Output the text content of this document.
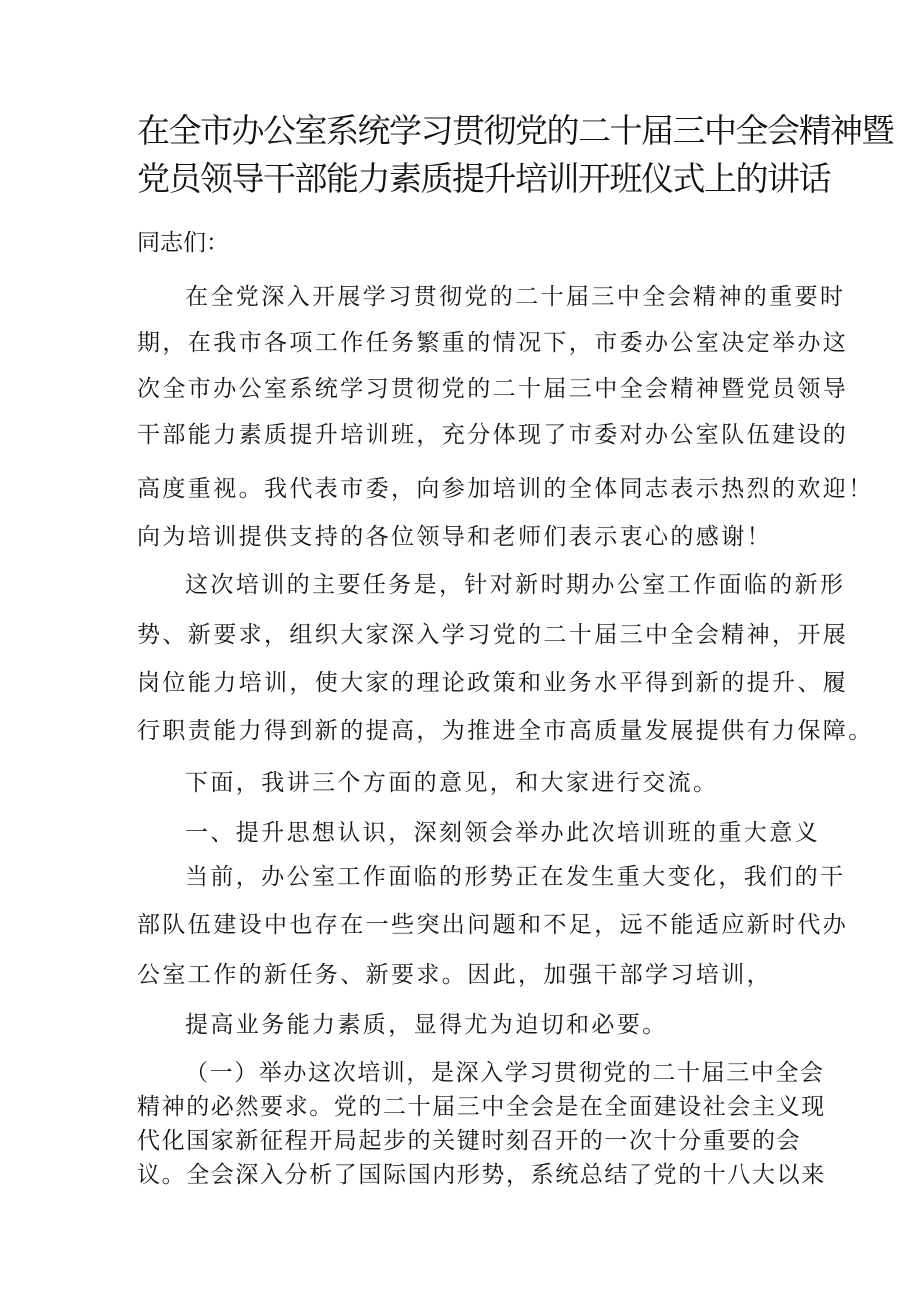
在全市办公室系统学习贯彻党的二十届三中全会精神暨
党员领导干部能力素质提升培训开班仪式上的讲话
同志们：
在全党深入开展学习贯彻党的二十届三中全会精神的重要时
期，在我市各项工作任务繁重的情况下，市委办公室决定举办这
次全市办公室系统学习贯彻党的二十届三中全会精神暨党员领导
干部能力素质提升培训班，充分体现了市委对办公室队伍建设的
高度重视。我代表市委，向参加培训的全体同志表示热烈的欢迎！
向为培训提供支持的各位领导和老师们表示衷心的感谢！
这次培训的主要任务是，针对新时期办公室工作面临的新形
势、新要求，组织大家深入学习党的二十届三中全会精神，开展
岗位能力培训，使大家的理论政策和业务水平得到新的提升、履
行职责能力得到新的提高，为推进全市高质量发展提供有力保障。
下面，我讲三个方面的意见，和大家进行交流。
一、提升思想认识，深刻领会举办此次培训班的重大意义
当前，办公室工作面临的形势正在发生重大变化，我们的干
部队伍建设中也存在一些突出问题和不足，远不能适应新时代办
公室工作的新任务、新要求。因此，加强干部学习培训，
提高业务能力素质，显得尤为迫切和必要。
（一）举办这次培训，是深入学习贯彻党的二十届三中全会
精神的必然要求。党的二十届三中全会是在全面建设社会主义现
代化国家新征程开局起步的关键时刻召开的一次十分重要的会
议。全会深入分析了国际国内形势，系统总结了党的十八大以来
